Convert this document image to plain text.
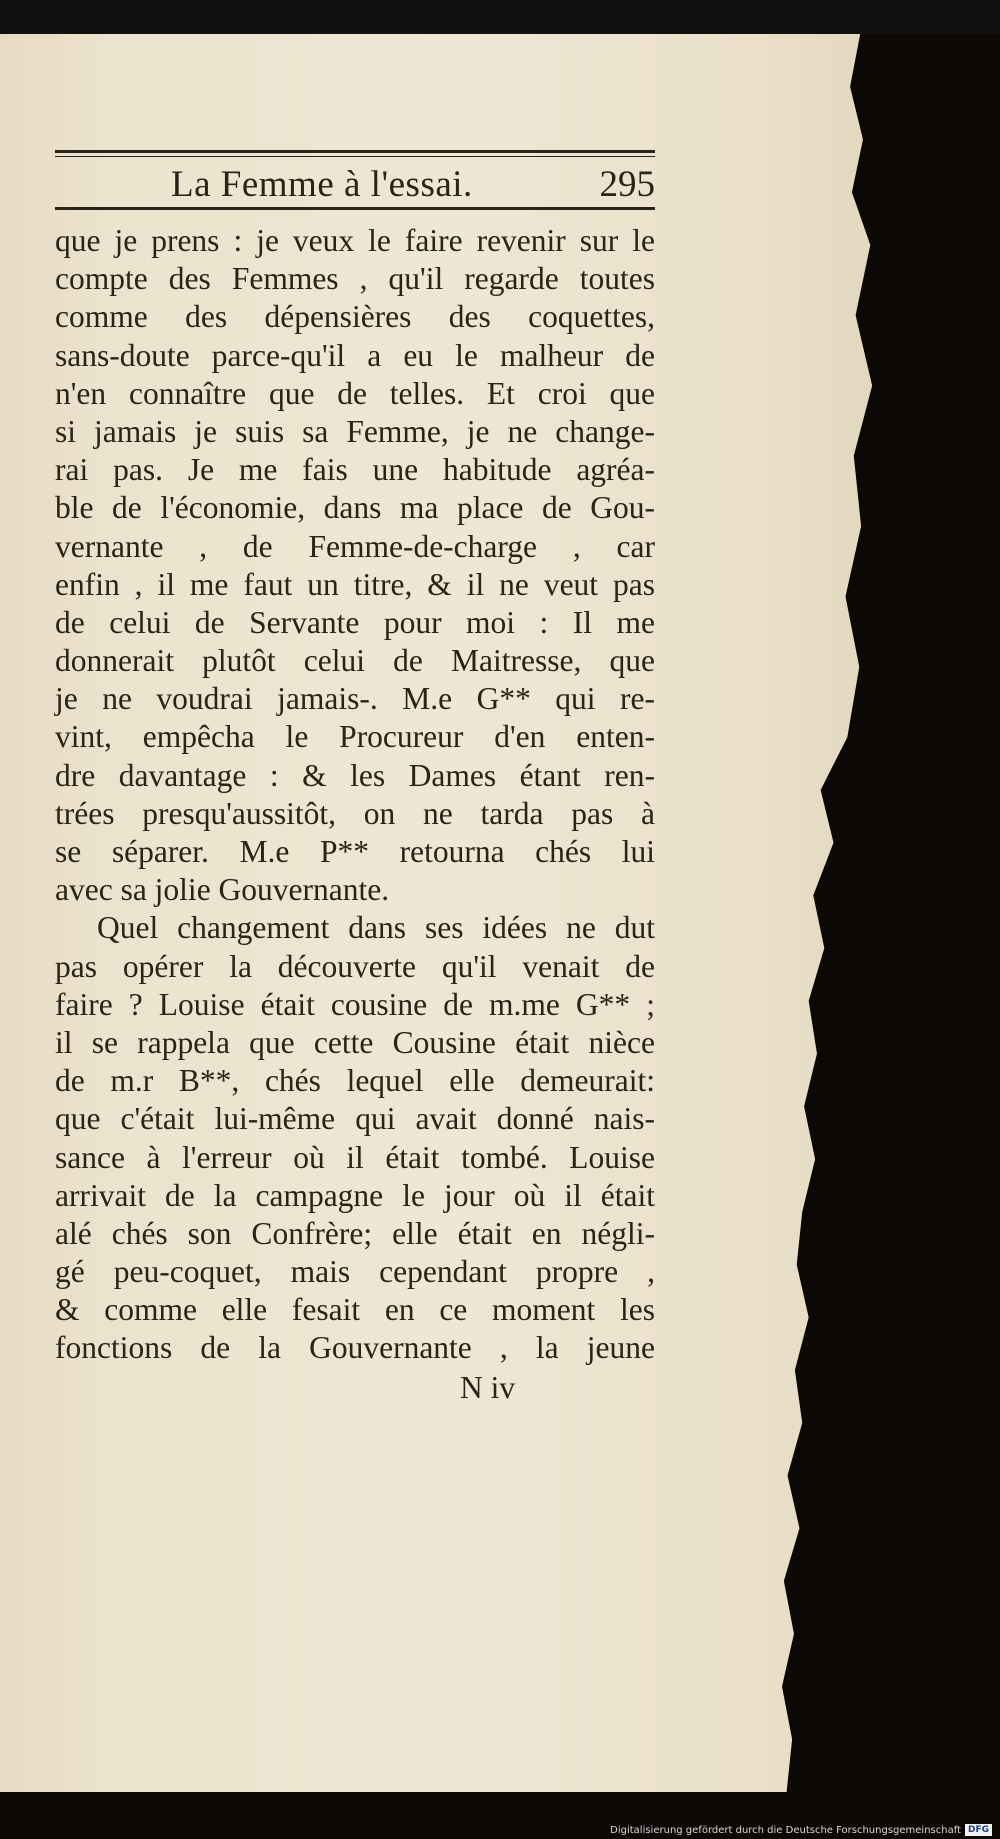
La Femme à l'essai.	295
que je prens : je veux le faire revenir sur le
compte des Femmes , qu'il regarde toutes
comme des dépensières des coquettes,
sans-doute parce-qu'il a eu le malheur de
n'en connaître que de telles. Et croi que
si jamais je suis sa Femme, je ne change-
rai pas. Je me fais une habitude agréa-
ble de l'économie, dans ma place de Gou-
vernante , de Femme-de-charge , car
enfin , il me faut un titre, & il ne veut pas
de celui de Servante pour moi : Il me
donnerait plutôt celui de Maitresse, que
je ne voudrai jamais-. M.e G** qui re-
vint, empêcha le Procureur d'en enten-
dre davantage : & les Dames étant ren-
trées presqu'aussitôt, on ne tarda pas à
se séparer. M.e P** retourna chés lui
avec sa jolie Gouvernante.
Quel changement dans ses idées ne dut
pas opérer la découverte qu'il venait de
faire ? Louise était cousine de m.me G** ;
il se rappela que cette Cousine était nièce
de m.r B**, chés lequel elle demeurait:
que c'était lui-même qui avait donné nais-
sance à l'erreur où il était tombé. Louise
arrivait de la campagne le jour où il était
alé chés son Confrère; elle était en négli-
gé peu-coquet, mais cependant propre ,
& comme elle fesait en ce moment les
fonctions de la Gouvernante , la jeune
N iv
Digitalisierung gefördert durch die Deutsche Forschungsgemeinschaft DFG
